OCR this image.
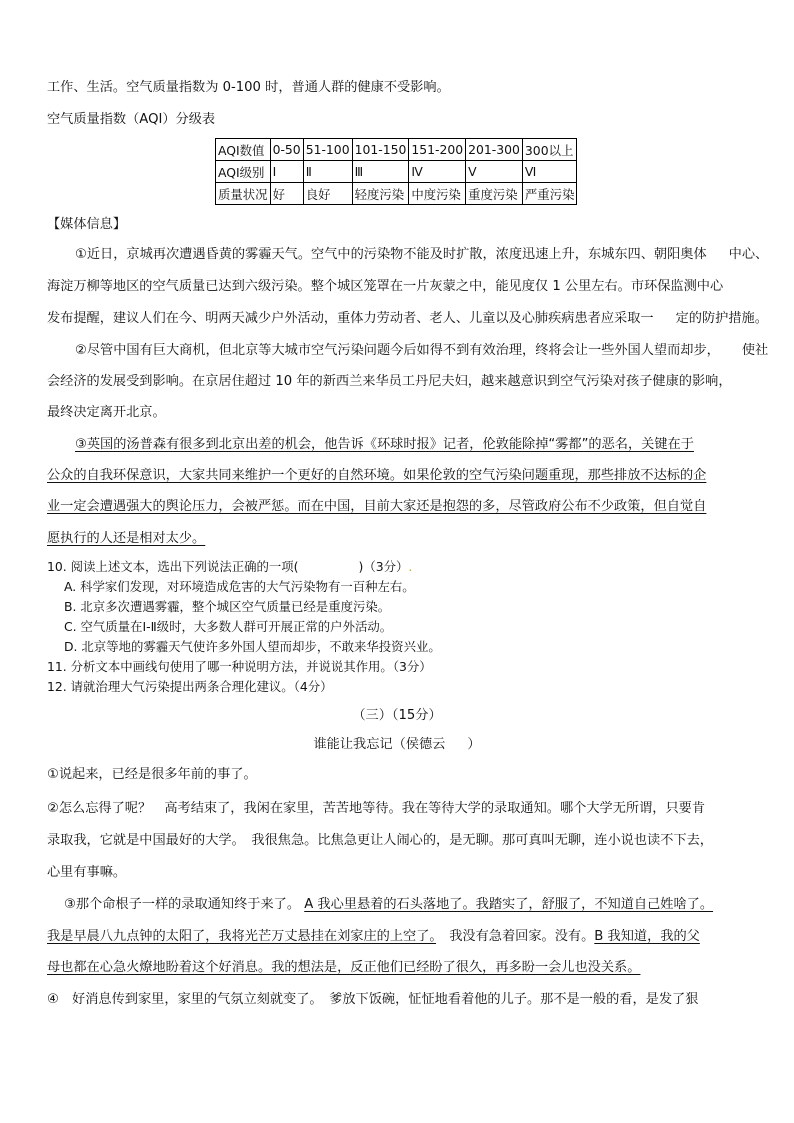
工作、生活。空气质量指数为 0-100 时，普通人群的健康不受影响。
空气质量指数（AQI）分级表
AQI数值	0-50	51-100	101-150	151-200	201-300	300以上
AQI级别	Ⅰ	Ⅱ	Ⅲ	Ⅳ	Ⅴ	Ⅵ
质量状况	好	良好	轻度污染	中度污染	重度污染	严重污染
【媒体信息】
①近日，京城再次遭遇昏黄的雾霾天气。空气中的污染物不能及时扩散，浓度迅速上升，东城东四、朝阳奥体 中心、
海淀万柳等地区的空气质量已达到六级污染。整个城区笼罩在一片灰蒙之中，能见度仅 1 公里左右。市环保监测中心
发布提醒，建议人们在今、明两天减少户外活动，重体力劳动者、老人、儿童以及心肺疾病患者应采取一 定的防护措施。
②尽管中国有巨大商机，但北京等大城市空气污染问题今后如得不到有效治理，终将会让一些外国人望而却步， 使社
会经济的发展受到影响。在京居住超过 10 年的新西兰来华员工丹尼夫妇，越来越意识到空气污染对孩子健康的影响，
最终决定离开北京。
③英国的汤普森有很多到北京出差的机会，他告诉《环球时报》记者，伦敦能除掉“雾都”的恶名，关键在于
公众的自我环保意识，大家共同来维护一个更好的自然环境。如果伦敦的空气污染问题重现，那些排放不达标的企
业一定会遭遇强大的舆论压力，会被严惩。而在中国，目前大家还是抱怨的多，尽管政府公布不少政策，但自觉自
愿执行的人还是相对太少。
10. 阅读上述文本，选出下列说法正确的一项(	)（3分）.
A. 科学家们发现，对环境造成危害的大气污染物有一百种左右。
B. 北京多次遭遇雾霾，整个城区空气质量已经是重度污染。
C. 空气质量在Ⅰ-Ⅱ级时，大多数人群可开展正常的户外活动。
D. 北京等地的雾霾天气使许多外国人望而却步，不敢来华投资兴业。
11. 分析文本中画线句使用了哪一种说明方法，并说说其作用。（3分）
12. 请就治理大气污染提出两条合理化建议。（4分）
（三）（15分）
谁能让我忘记（侯德云 ）
①说起来，已经是很多年前的事了。
②怎么忘得了呢？　高考结束了，我闲在家里，苦苦地等待。我在等待大学的录取通知。哪个大学无所谓，只要肯
录取我，它就是中国最好的大学。　我很焦急。比焦急更让人闹心的，是无聊。那可真叫无聊，连小说也读不下去，
心里有事嘛。
③那个命根子一样的录取通知终于来了。 A 我心里悬着的石头落地了。我踏实了，舒服了，不知道自己姓啥了。
我是早晨八九点钟的太阳了，我将光芒万丈悬挂在刘家庄的上空了。　我没有急着回家。没有。B 我知道，我的父
母也都在心急火燎地盼着这个好消息。我的想法是，反正他们已经盼了很久，再多盼一会儿也没关系。
④　好消息传到家里，家里的气氛立刻就变了。　爹放下饭碗，怔怔地看着他的儿子。那不是一般的看，是发了狠
